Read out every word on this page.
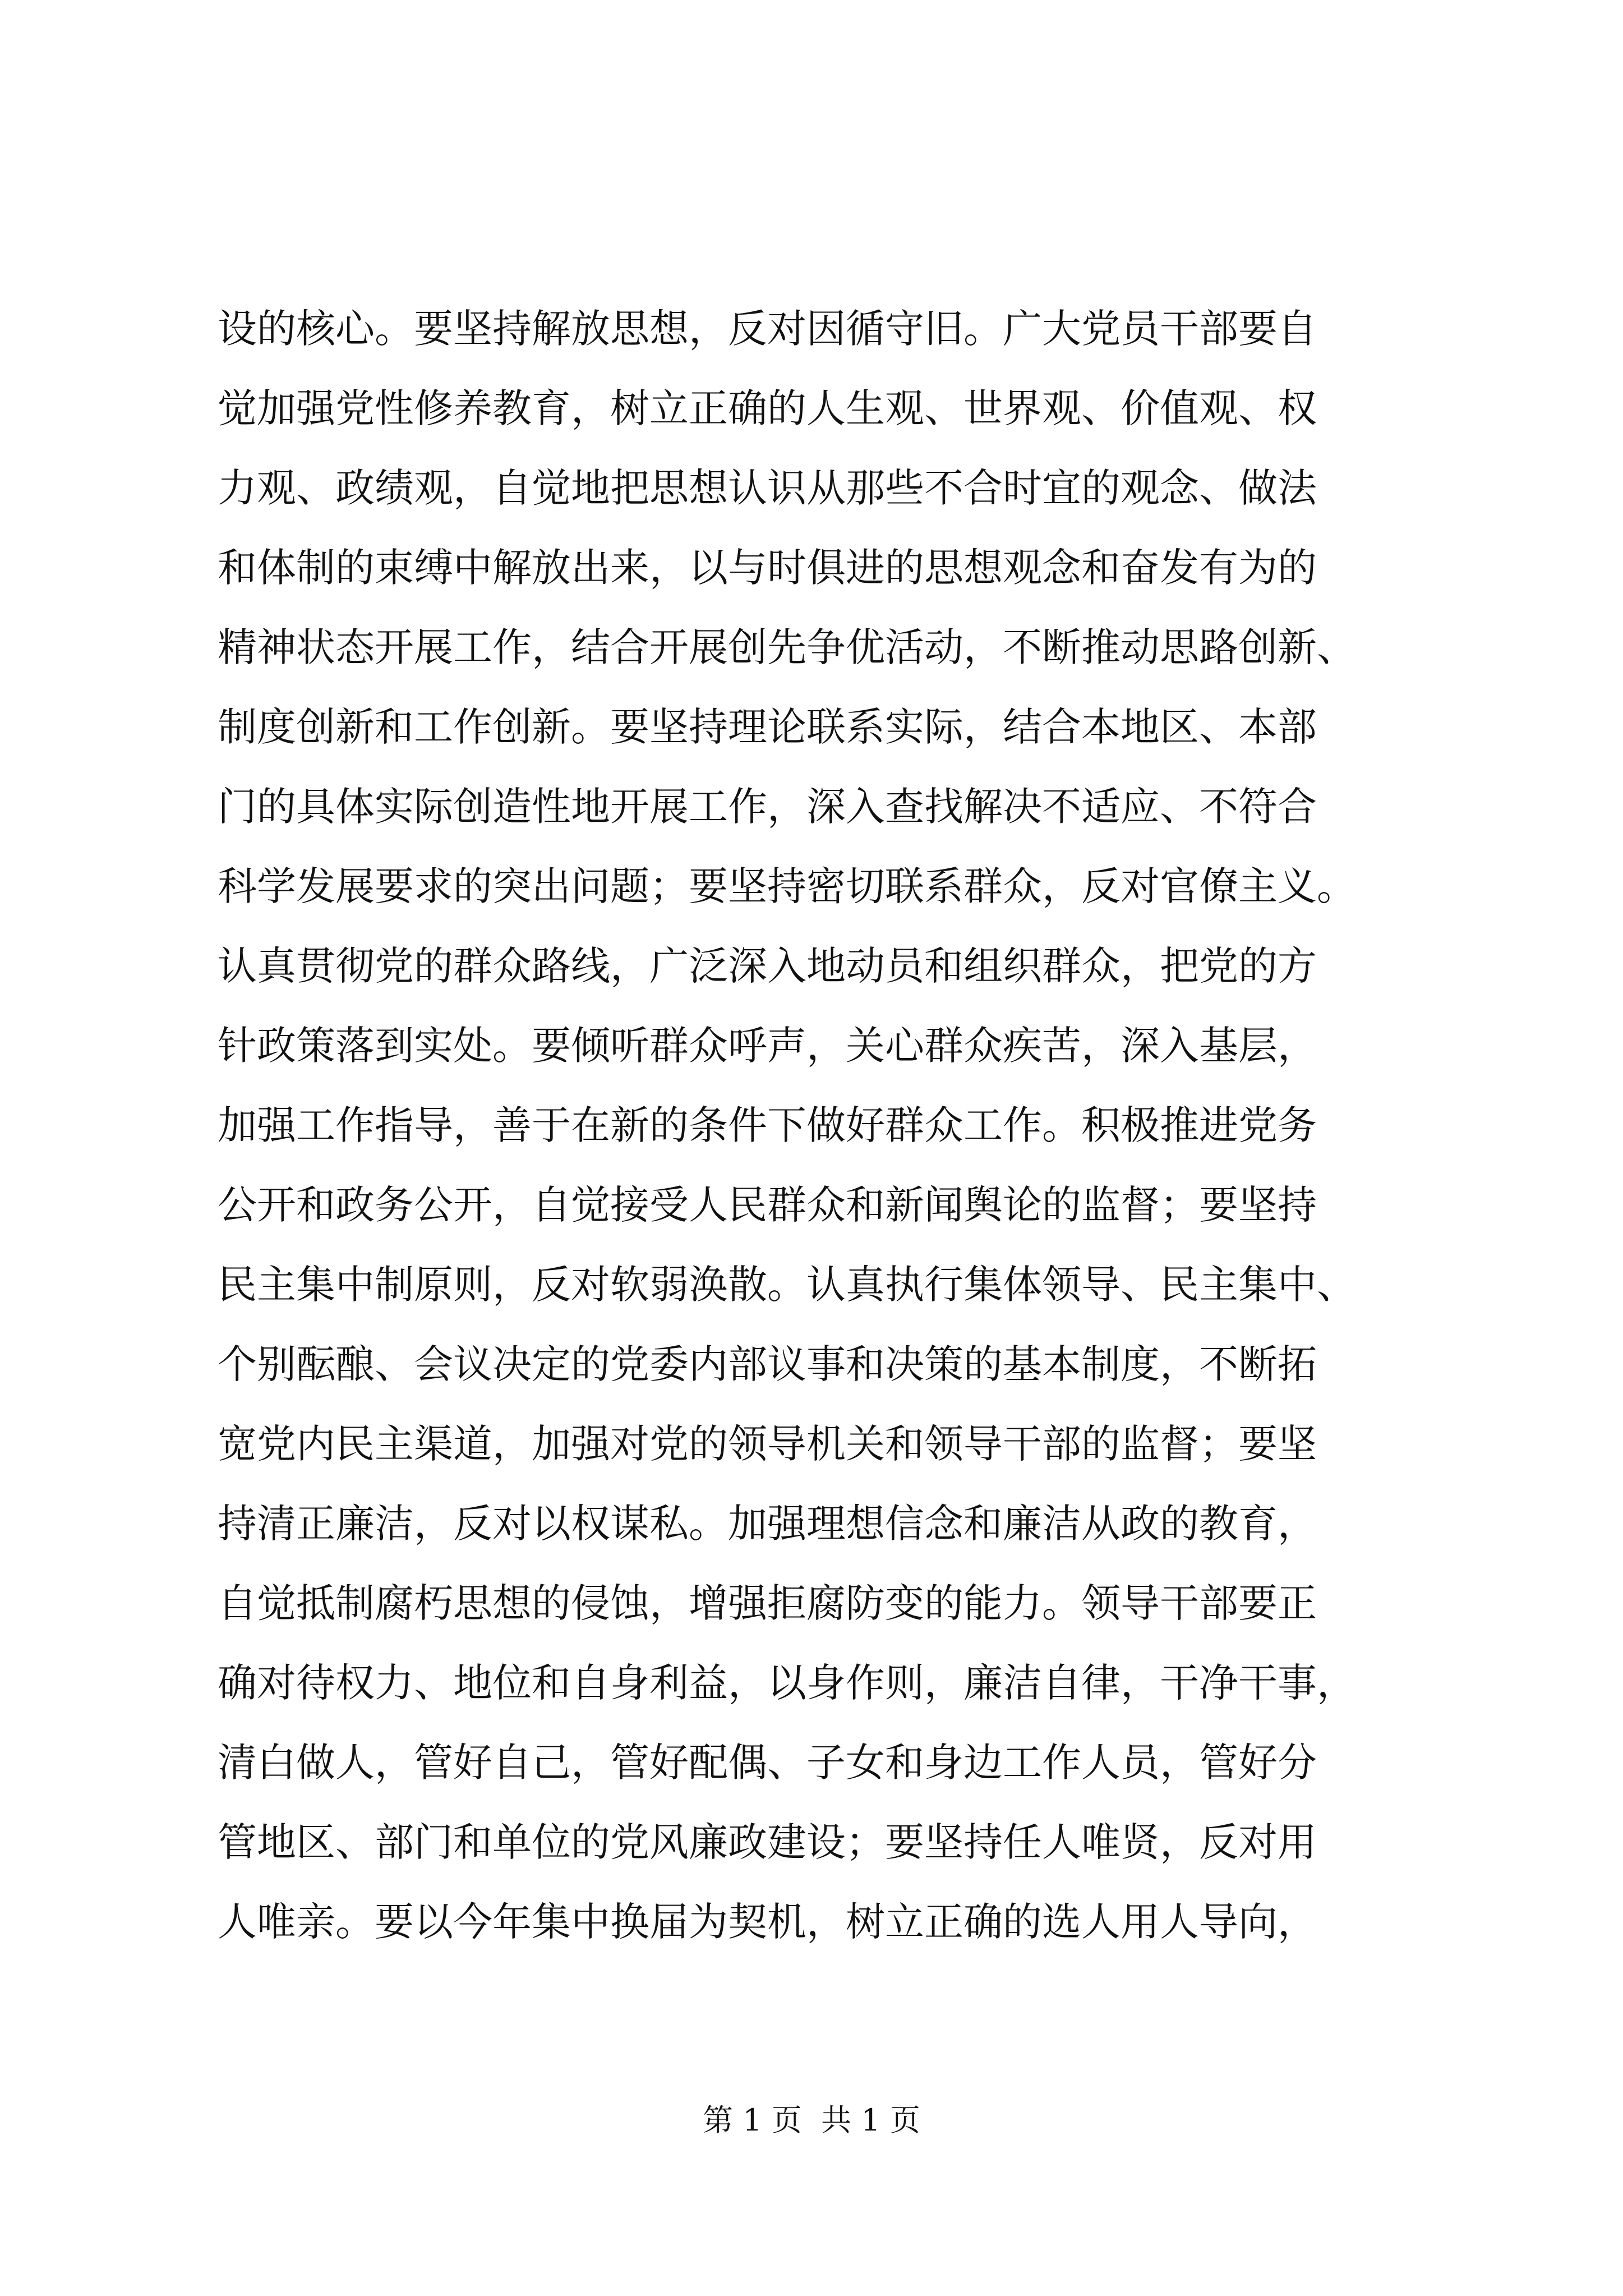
设的核心。要坚持解放思想，反对因循守旧。广大党员干部要自
觉加强党性修养教育，树立正确的人生观、世界观、价值观、权
力观、政绩观，自觉地把思想认识从那些不合时宜的观念、做法
和体制的束缚中解放出来，以与时俱进的思想观念和奋发有为的
精神状态开展工作，结合开展创先争优活动，不断推动思路创新、
制度创新和工作创新。要坚持理论联系实际，结合本地区、本部
门的具体实际创造性地开展工作，深入查找解决不适应、不符合
科学发展要求的突出问题；要坚持密切联系群众，反对官僚主义。
认真贯彻党的群众路线，广泛深入地动员和组织群众，把党的方
针政策落到实处。要倾听群众呼声，关心群众疾苦，深入基层，
加强工作指导，善于在新的条件下做好群众工作。积极推进党务
公开和政务公开，自觉接受人民群众和新闻舆论的监督；要坚持
民主集中制原则，反对软弱涣散。认真执行集体领导、民主集中、
个别酝酿、会议决定的党委内部议事和决策的基本制度，不断拓
宽党内民主渠道，加强对党的领导机关和领导干部的监督；要坚
持清正廉洁，反对以权谋私。加强理想信念和廉洁从政的教育，
自觉抵制腐朽思想的侵蚀，增强拒腐防变的能力。领导干部要正
确对待权力、地位和自身利益，以身作则，廉洁自律，干净干事，
清白做人，管好自己，管好配偶、子女和身边工作人员，管好分
管地区、部门和单位的党风廉政建设；要坚持任人唯贤，反对用
人唯亲。要以今年集中换届为契机，树立正确的选人用人导向，
第 1 页  共 1 页
